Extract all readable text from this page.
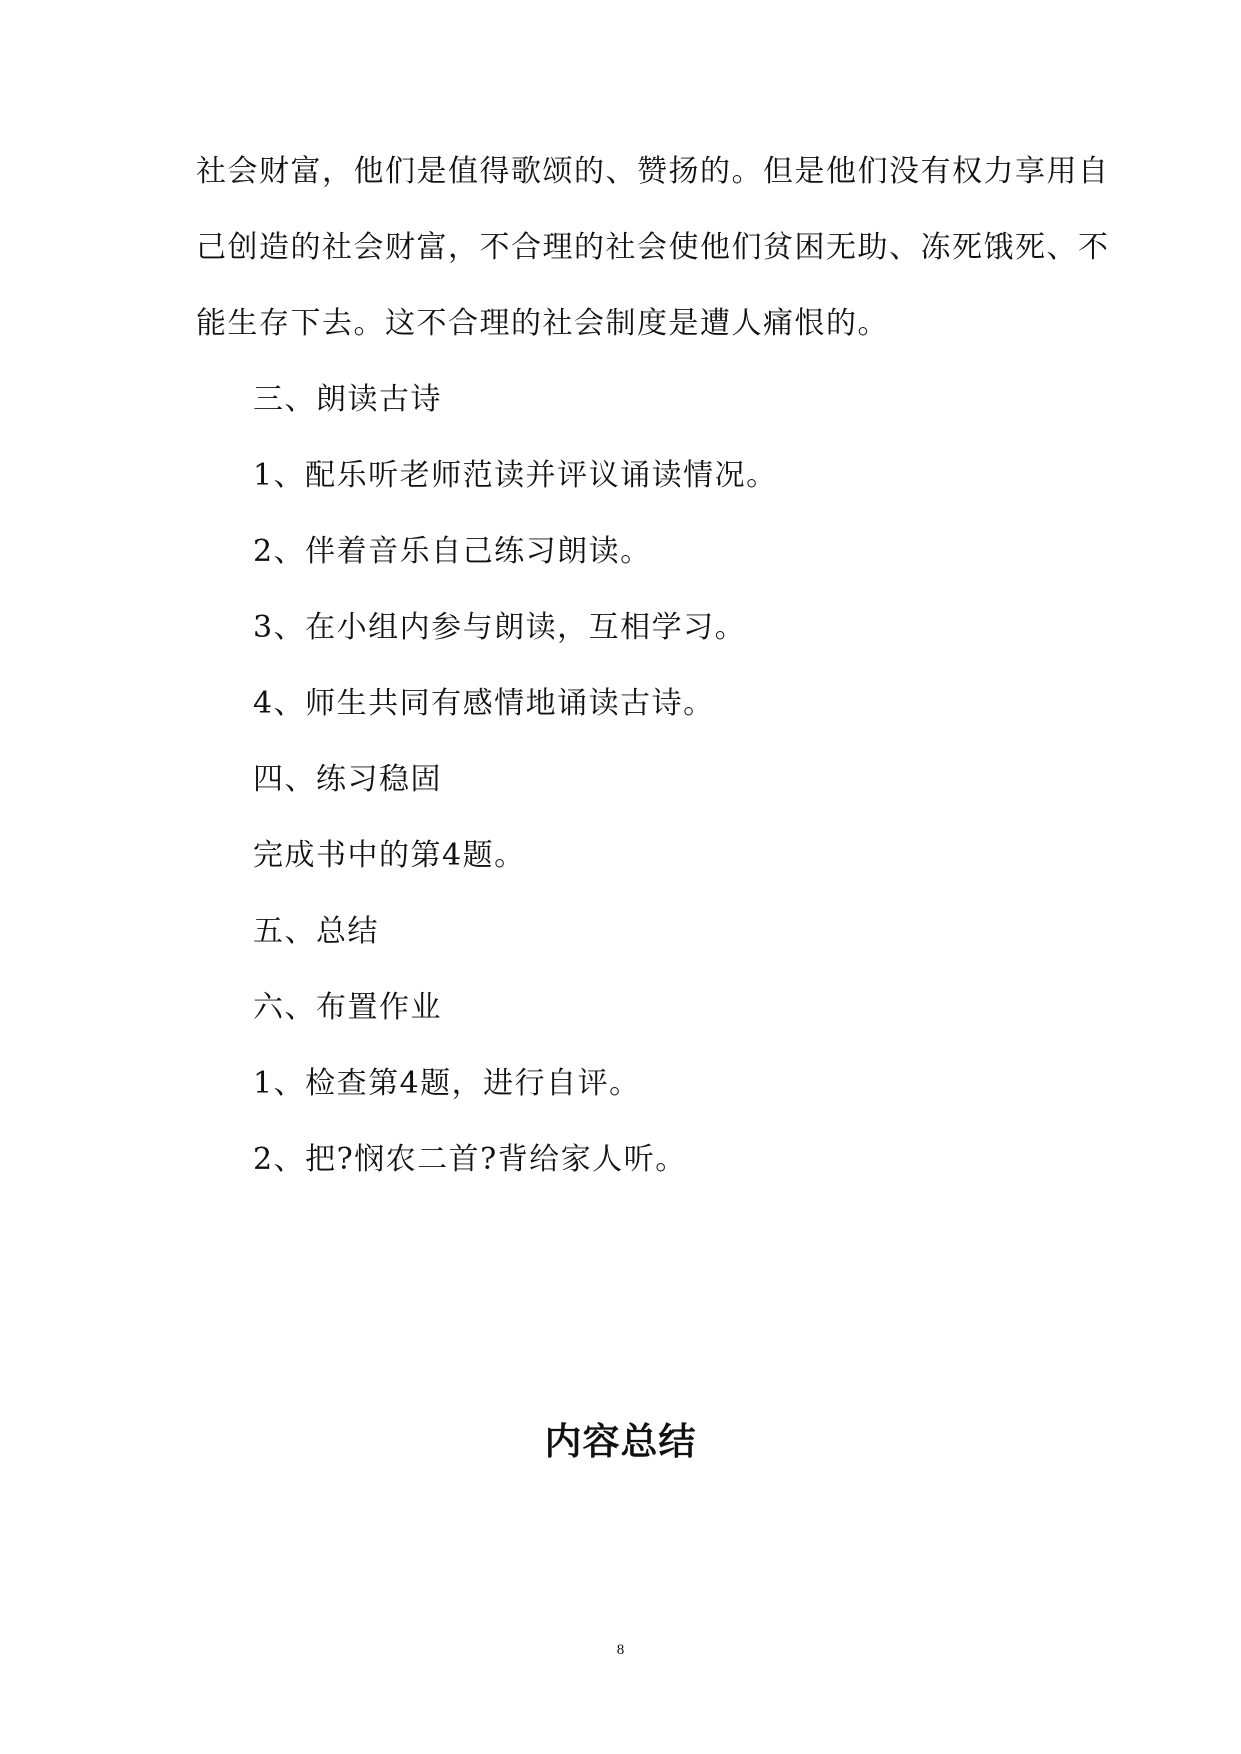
社会财富，他们是值得歌颂的、赞扬的。但是他们没有权力享用自
己创造的社会财富，不合理的社会使他们贫困无助、冻死饿死、不
能生存下去。这不合理的社会制度是遭人痛恨的。
三、朗读古诗
1、配乐听老师范读并评议诵读情况。
2、伴着音乐自己练习朗读。
3、在小组内参与朗读，互相学习。
4、师生共同有感情地诵读古诗。
四、练习稳固
完成书中的第4题。
五、总结
六、布置作业
1、检查第4题，进行自评。
2、把?悯农二首?背给家人听。
内容总结
8
